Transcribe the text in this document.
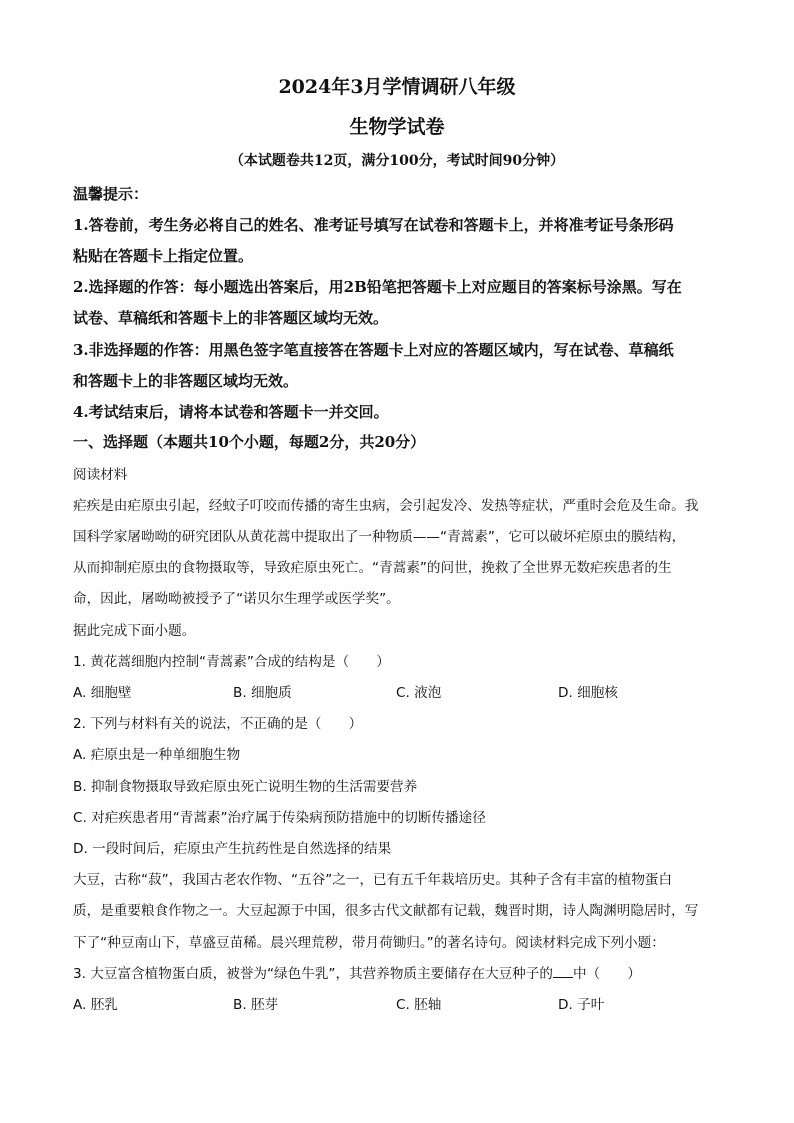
2024年3月学情调研八年级
生物学试卷
（本试题卷共12页，满分100分，考试时间90分钟）
温馨提示：
1.答卷前，考生务必将自己的姓名、准考证号填写在试卷和答题卡上，并将准考证号条形码
粘贴在答题卡上指定位置。
2.选择题的作答：每小题选出答案后，用2B铅笔把答题卡上对应题目的答案标号涂黑。写在
试卷、草稿纸和答题卡上的非答题区域均无效。
3.非选择题的作答：用黑色签字笔直接答在答题卡上对应的答题区域内，写在试卷、草稿纸
和答题卡上的非答题区域均无效。
4.考试结束后，请将本试卷和答题卡一并交回。
一、选择题（本题共10个小题，每题2分，共20分）
阅读材料
疟疾是由疟原虫引起，经蚊子叮咬而传播的寄生虫病，会引起发冷、发热等症状，严重时会危及生命。我
国科学家屠呦呦的研究团队从黄花蒿中提取出了一种物质——“青蒿素”，它可以破坏疟原虫的膜结构，
从而抑制疟原虫的食物摄取等，导致疟原虫死亡。“青蒿素”的问世，挽救了全世界无数疟疾患者的生
命，因此，屠呦呦被授予了“诺贝尔生理学或医学奖”。
据此完成下面小题。
1. 黄花蒿细胞内控制“青蒿素”合成的结构是（　　）
A. 细胞壁	B. 细胞质	C. 液泡	D. 细胞核
2. 下列与材料有关的说法，不正确的是（　　）
A. 疟原虫是一种单细胞生物
B. 抑制食物摄取导致疟原虫死亡说明生物的生活需要营养
C. 对疟疾患者用“青蒿素”治疗属于传染病预防措施中的切断传播途径
D. 一段时间后，疟原虫产生抗药性是自然选择的结果
大豆，古称“菽”，我国古老农作物、“五谷”之一，已有五千年栽培历史。其种子含有丰富的植物蛋白
质，是重要粮食作物之一。大豆起源于中国，很多古代文献都有记载，魏晋时期，诗人陶渊明隐居时，写
下了“种豆南山下，草盛豆苗稀。晨兴理荒秽，带月荷锄归。”的著名诗句。阅读材料完成下列小题：
3. 大豆富含植物蛋白质，被誉为“绿色牛乳”，其营养物质主要储存在大豆种子的 中（　　）
A. 胚乳	B. 胚芽	C. 胚轴	D. 子叶
